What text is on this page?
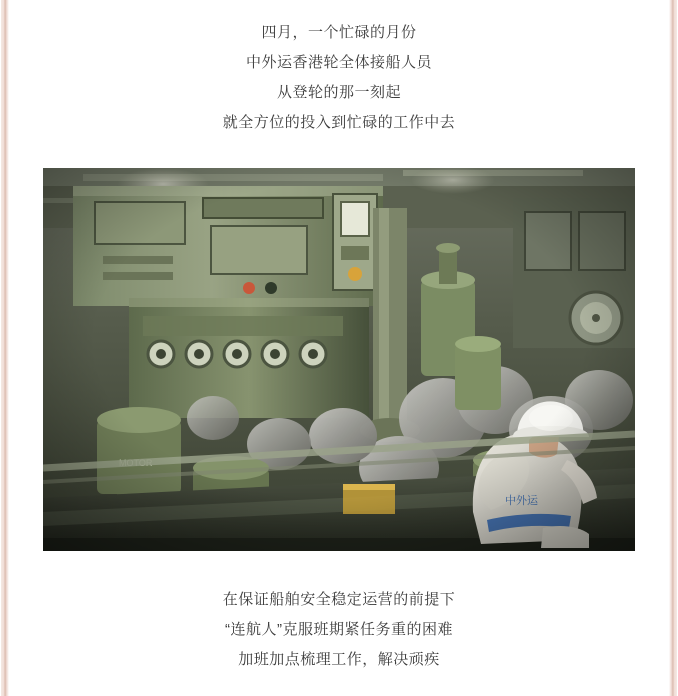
四月，一个忙碌的月份
中外运香港轮全体接船人员
从登轮的那一刻起
就全方位的投入到忙碌的工作中去
在保证船舶安全稳定运营的前提下
“连航人”克服班期紧任务重的困难
加班加点梳理工作，解决顽疾
